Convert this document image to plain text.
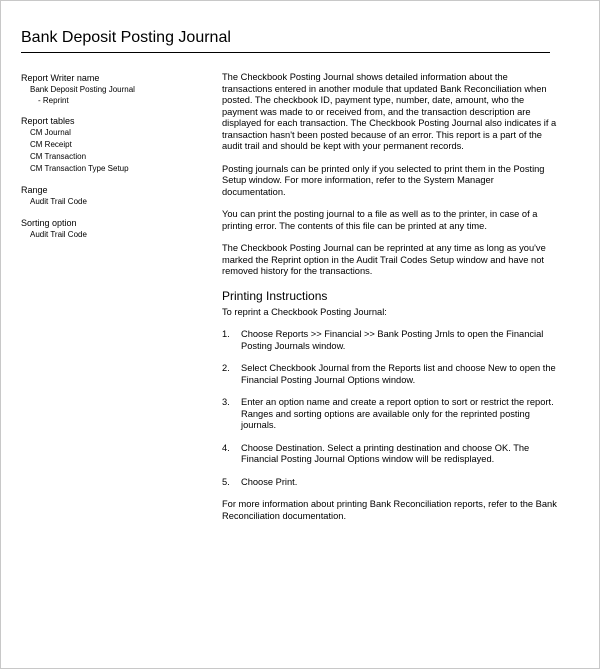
Bank Deposit Posting Journal
Report Writer name
Bank Deposit Posting Journal
- Reprint
Report tables
CM Journal
CM Receipt
CM Transaction
CM Transaction Type Setup
Range
Audit Trail Code
Sorting option
Audit Trail Code

The Checkbook Posting Journal shows detailed information about the transactions entered in another module that updated Bank Reconciliation when posted. The checkbook ID, payment type, number, date, amount, who the payment was made to or received from, and the transaction description are displayed for each transaction. The Checkbook Posting Journal also indicates if a transaction hasn't been posted because of an error. This report is a part of the audit trail and should be kept with your permanent records.

Posting journals can be printed only if you selected to print them in the Posting Setup window. For more information, refer to the System Manager documentation.

You can print the posting journal to a file as well as to the printer, in case of a printing error. The contents of this file can be printed at any time.

The Checkbook Posting Journal can be reprinted at any time as long as you've marked the Reprint option in the Audit Trail Codes Setup window and have not removed history for the transactions.

Printing Instructions

To reprint a Checkbook Posting Journal:

1.	Choose Reports >> Financial >> Bank Posting Jrnls to open the Financial Posting Journals window.
2.	Select Checkbook Journal from the Reports list and choose New to open the Financial Posting Journal Options window.
3.	Enter an option name and create a report option to sort or restrict the report. Ranges and sorting options are available only for the reprinted posting journals.
4.	Choose Destination. Select a printing destination and choose OK. The Financial Posting Journal Options window will be redisplayed.
5.	Choose Print.

For more information about printing Bank Reconciliation reports, refer to the Bank Reconciliation documentation.
